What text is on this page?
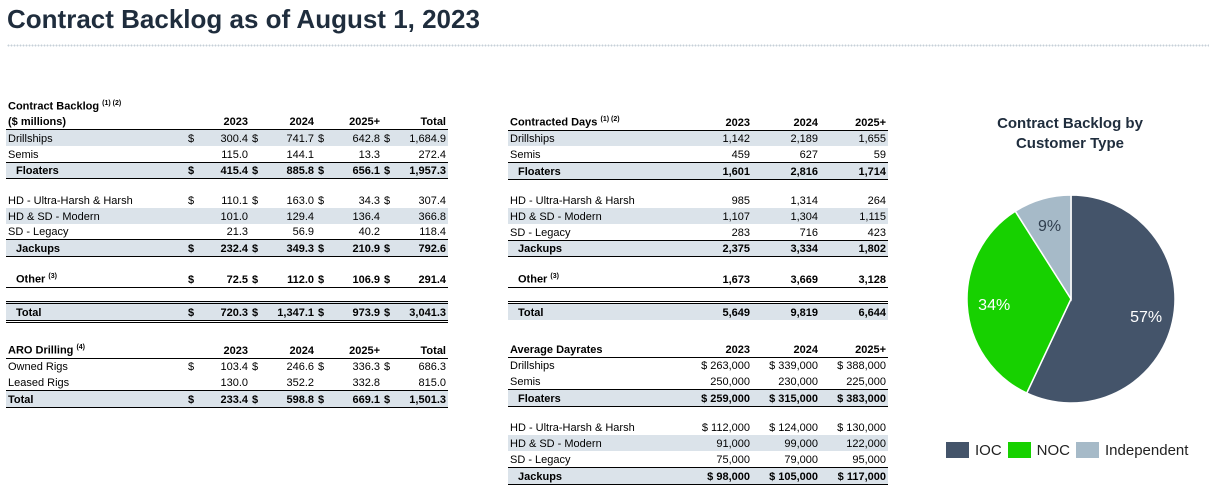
Contract Backlog as of August 1, 2023
Contract Backlog $^{(1) (2)}$
($ millions)		2023		2024		2025+		Total
Drillships	$	300.4	$	741.7	$	642.8	$	1,684.9
Semis		115.0		144.1		13.3		272.4
Floaters	$	415.4	$	885.8	$	656.1	$	1,957.3

HD - Ultra-Harsh & Harsh	$	110.1	$	163.0	$	34.3	$	307.4
HD & SD - Modern		101.0		129.4		136.4		366.8
SD - Legacy		21.3		56.9		40.2		118.4
Jackups	$	232.4	$	349.3	$	210.9	$	792.6

Other $^{(3)}$	$	72.5	$	112.0	$	106.9	$	291.4

Total	$	720.3	$	1,347.1	$	973.9	$	3,041.3
ARO Drilling $^{(4)}$		2023		2024		2025+		Total
Owned Rigs	$	103.4	$	246.6	$	336.3	$	686.3
Leased Rigs		130.0		352.2		332.8		815.0
Total	$	233.4	$	598.8	$	669.1	$	1,501.3
Contracted Days $^{(1) (2)}$	2023	2024	2025+
Drillships	1,142	2,189	1,655
Semis	459	627	59
Floaters	1,601	2,816	1,714

HD - Ultra-Harsh & Harsh	985	1,314	264
HD & SD - Modern	1,107	1,304	1,115
SD - Legacy	283	716	423
Jackups	2,375	3,334	1,802

Other $^{(3)}$	1,673	3,669	3,128

Total	5,649	9,819	6,644
Average Dayrates	2023	2024	2025+
Drillships	$ 263,000	$ 339,000	$ 388,000
Semis	250,000	230,000	225,000
Floaters	$ 259,000	$ 315,000	$ 383,000

HD - Ultra-Harsh & Harsh	$ 112,000	$ 124,000	$ 130,000
HD & SD - Modern	91,000	99,000	122,000
SD - Legacy	75,000	79,000	95,000
Jackups	$ 98,000	$ 105,000	$ 117,000
Contract Backlog by
Customer Type
57%
34%
9%
IOC NOC Independent
